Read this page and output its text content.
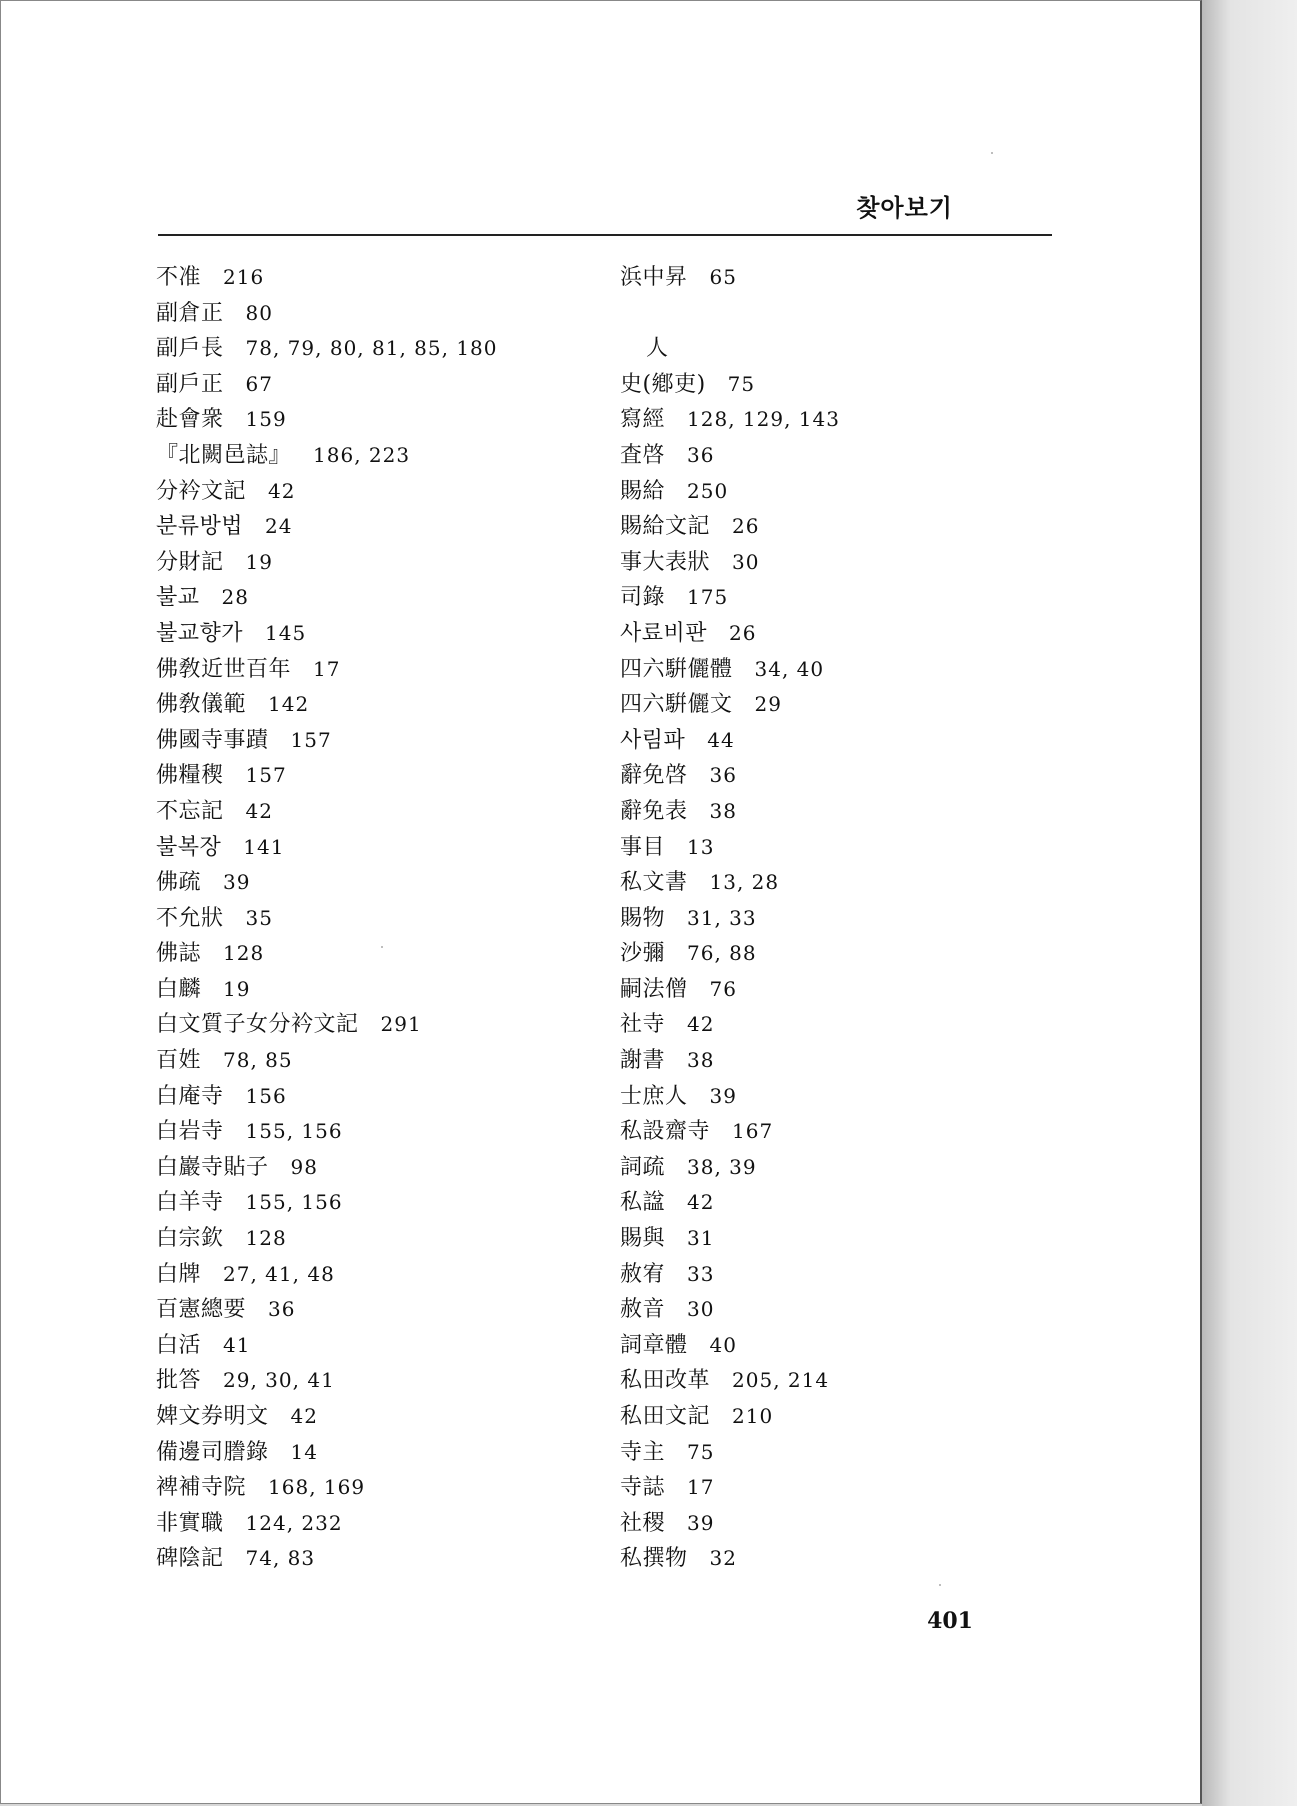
찾아보기
不准 216
副倉正 80
副戶長 78, 79, 80, 81, 85, 180
副戶正 67
赴會衆 159
『北闕邑誌』 186, 223
分衿文記 42
분류방법 24
分財記 19
불교 28
불교향가 145
佛敎近世百年 17
佛敎儀範 142
佛國寺事蹟 157
佛糧稧 157
不忘記 42
불복장 141
佛疏 39
不允狀 35
佛誌 128
白麟 19
白文質子女分衿文記 291
百姓 78, 85
白庵寺 156
白岩寺 155, 156
白巖寺貼子 98
白羊寺 155, 156
白宗欽 128
白牌 27, 41, 48
百憲總要 36
白活 41
批答 29, 30, 41
婢文券明文 42
備邊司謄錄 14
裨補寺院 168, 169
非實職 124, 232
碑陰記 74, 83
浜中昇 65
人
史(鄕吏) 75
寫經 128, 129, 143
査啓 36
賜給 250
賜給文記 26
事大表狀 30
司錄 175
사료비판 26
四六騈儷體 34, 40
四六騈儷文 29
사림파 44
辭免啓 36
辭免表 38
事目 13
私文書 13, 28
賜物 31, 33
沙彌 76, 88
嗣法僧 76
社寺 42
謝書 38
士庶人 39
私設齋寺 167
詞疏 38, 39
私諡 42
賜與 31
赦宥 33
赦音 30
詞章體 40
私田改革 205, 214
私田文記 210
寺主 75
寺誌 17
社稷 39
私撰物 32
401
